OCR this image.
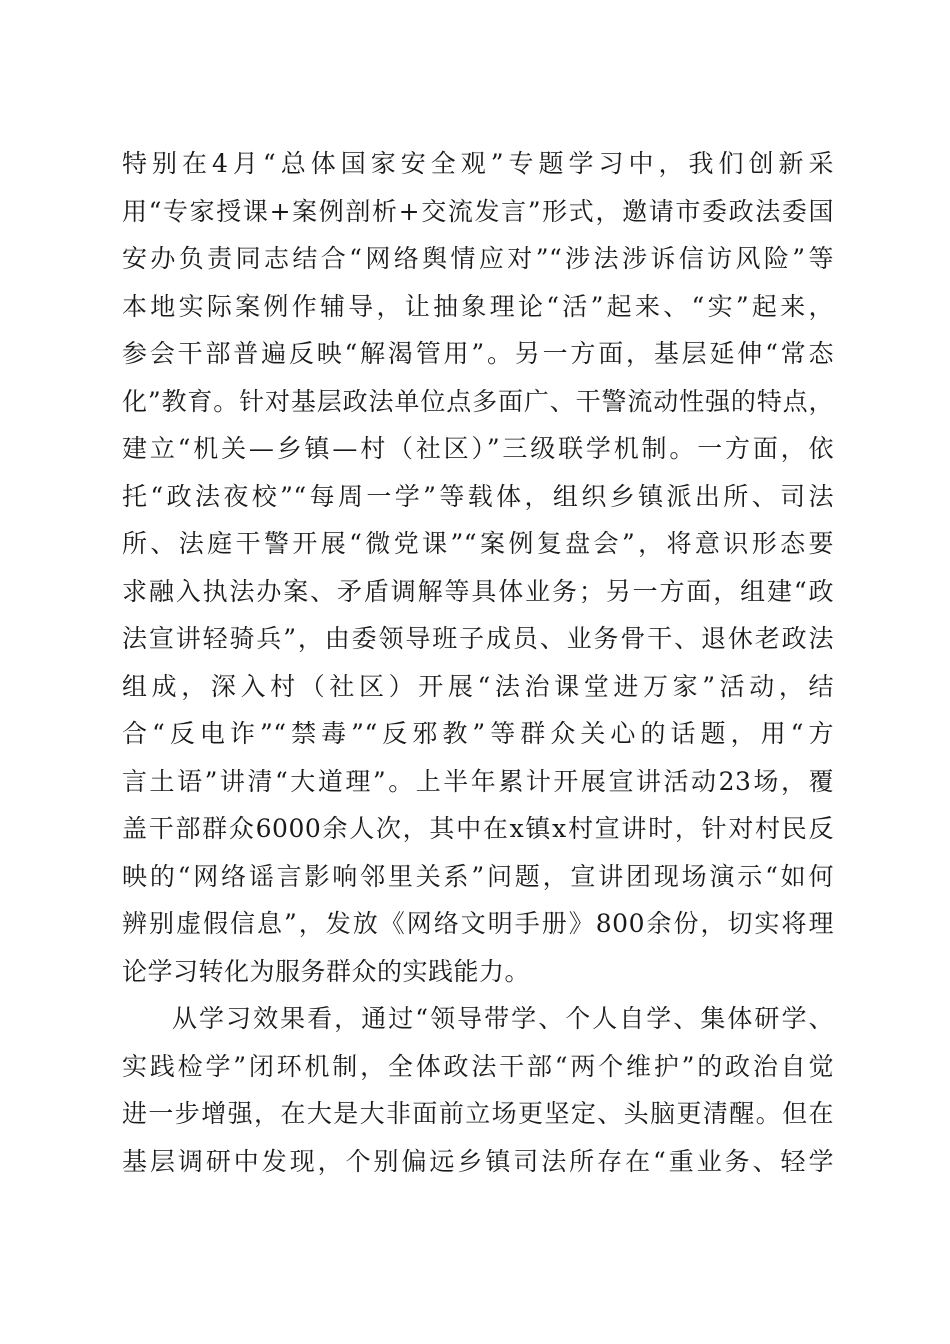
特别在4月“总体国家安全观”专题学习中，我们创新采
用“专家授课+案例剖析+交流发言”形式，邀请市委政法委国
安办负责同志结合“网络舆情应对”“涉法涉诉信访风险”等
本地实际案例作辅导，让抽象理论“活”起来、“实”起来，
参会干部普遍反映“解渴管用”。另一方面，基层延伸“常态
化”教育。针对基层政法单位点多面广、干警流动性强的特点，
建立“机关—乡镇—村（社区）”三级联学机制。一方面，依
托“政法夜校”“每周一学”等载体，组织乡镇派出所、司法
所、法庭干警开展“微党课”“案例复盘会”，将意识形态要
求融入执法办案、矛盾调解等具体业务；另一方面，组建“政
法宣讲轻骑兵”，由委领导班子成员、业务骨干、退休老政法
组成，深入村（社区）开展“法治课堂进万家”活动，结
合“反电诈”“禁毒”“反邪教”等群众关心的话题，用“方
言土语”讲清“大道理”。上半年累计开展宣讲活动23场，覆
盖干部群众6000余人次，其中在x镇x村宣讲时，针对村民反
映的“网络谣言影响邻里关系”问题，宣讲团现场演示“如何
辨别虚假信息”，发放《网络文明手册》800余份，切实将理
论学习转化为服务群众的实践能力。
从学习效果看，通过“领导带学、个人自学、集体研学、
实践检学”闭环机制，全体政法干部“两个维护”的政治自觉
进一步增强，在大是大非面前立场更坚定、头脑更清醒。但在
基层调研中发现，个别偏远乡镇司法所存在“重业务、轻学
